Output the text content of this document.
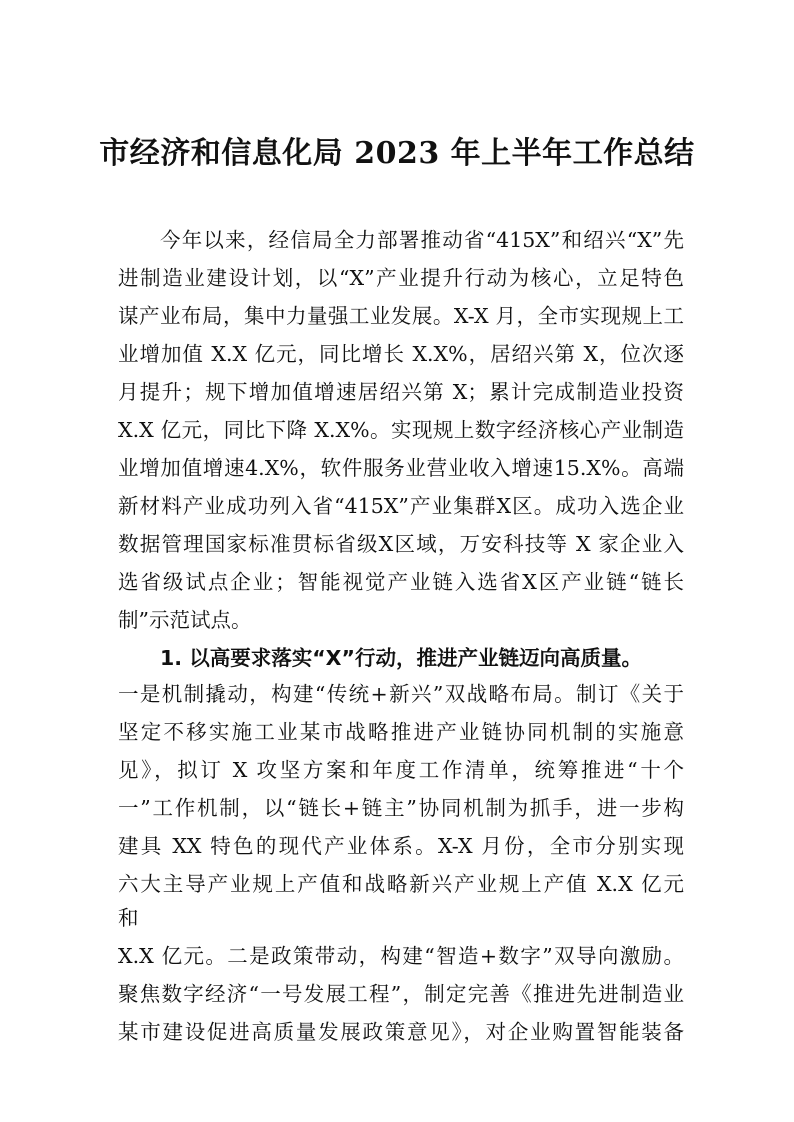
市经济和信息化局 2023 年上半年工作总结
今年以来，经信局全力部署推动省“415X”和绍兴“X”先
进制造业建设计划，以“X”产业提升行动为核心，立足特色
谋产业布局，集中力量强工业发展。X-X 月，全市实现规上工
业增加值 X.X 亿元，同比增长 X.X%，居绍兴第 X，位次逐
月提升；规下增加值增速居绍兴第 X；累计完成制造业投资
X.X 亿元，同比下降 X.X%。实现规上数字经济核心产业制造
业增加值增速4.X%，软件服务业营业收入增速15.X%。高端
新材料产业成功列入省“415X”产业集群X区。成功入选企业
数据管理国家标准贯标省级X区域，万安科技等 X 家企业入
选省级试点企业；智能视觉产业链入选省X区产业链“链长
制”示范试点。
1. 以高要求落实“X”行动，推进产业链迈向高质量。
一是机制撬动，构建“传统+新兴”双战略布局。制订《关于
坚定不移实施工业某市战略推进产业链协同机制的实施意
见》，拟订 X 攻坚方案和年度工作清单，统筹推进“十个
一”工作机制，以“链长+链主”协同机制为抓手，进一步构
建具 XX 特色的现代产业体系。X-X 月份，全市分别实现
六大主导产业规上产值和战略新兴产业规上产值 X.X 亿元
和
X.X 亿元。二是政策带动，构建“智造+数字”双导向激励。
聚焦数字经济“一号发展工程”，制定完善《推进先进制造业
某市建设促进高质量发展政策意见》，对企业购置智能装备
